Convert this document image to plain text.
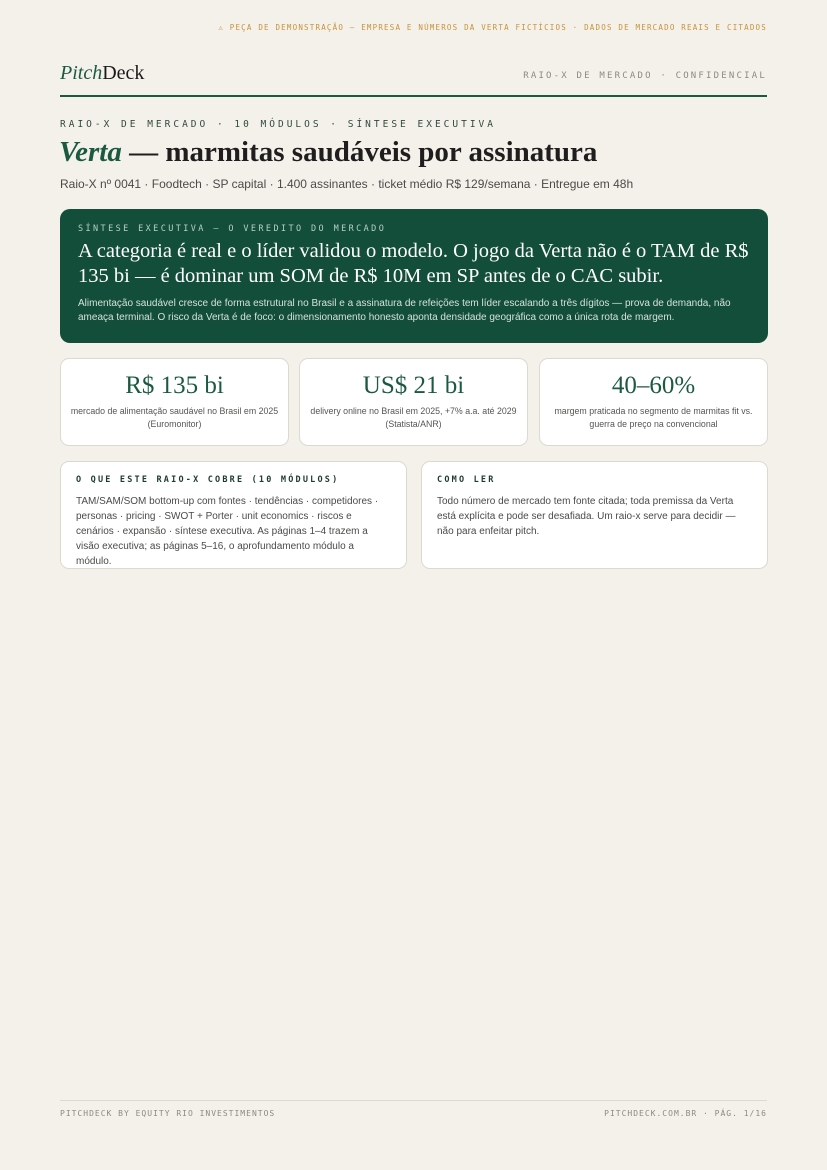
⚠ PEÇA DE DEMONSTRAÇÃO — EMPRESA E NÚMEROS DA VERTA FICTÍCIOS · DADOS DE MERCADO REAIS E CITADOS
PitchDeck	RAIO-X DE MERCADO · CONFIDENCIAL
RAIO-X DE MERCADO · 10 MÓDULOS · SÍNTESE EXECUTIVA
Verta — marmitas saudáveis por assinatura
Raio-X nº 0041 · Foodtech · SP capital · 1.400 assinantes · ticket médio R$ 129/semana · Entregue em 48h
SÍNTESE EXECUTIVA — O VEREDITO DO MERCADO
A categoria é real e o líder validou o modelo. O jogo da Verta não é o TAM de R$ 135 bi — é dominar um SOM de R$ 10M em SP antes de o CAC subir.
Alimentação saudável cresce de forma estrutural no Brasil e a assinatura de refeições tem líder escalando a três dígitos — prova de demanda, não ameaça terminal. O risco da Verta é de foco: o dimensionamento honesto aponta densidade geográfica como a única rota de margem.
R$ 135 bi
mercado de alimentação saudável no Brasil em 2025 (Euromonitor)
US$ 21 bi
delivery online no Brasil em 2025, +7% a.a. até 2029 (Statista/ANR)
40–60%
margem praticada no segmento de marmitas fit vs. guerra de preço na convencional
O QUE ESTE RAIO-X COBRE (10 MÓDULOS)
TAM/SAM/SOM bottom-up com fontes · tendências · competidores · personas · pricing · SWOT + Porter · unit economics · riscos e cenários · expansão · síntese executiva. As páginas 1–4 trazem a visão executiva; as páginas 5–16, o aprofundamento módulo a módulo.
COMO LER
Todo número de mercado tem fonte citada; toda premissa da Verta está explícita e pode ser desafiada. Um raio-x serve para decidir — não para enfeitar pitch.
PITCHDECK BY EQUITY RIO INVESTIMENTOS	PITCHDECK.COM.BR · PÁG. 1/16
